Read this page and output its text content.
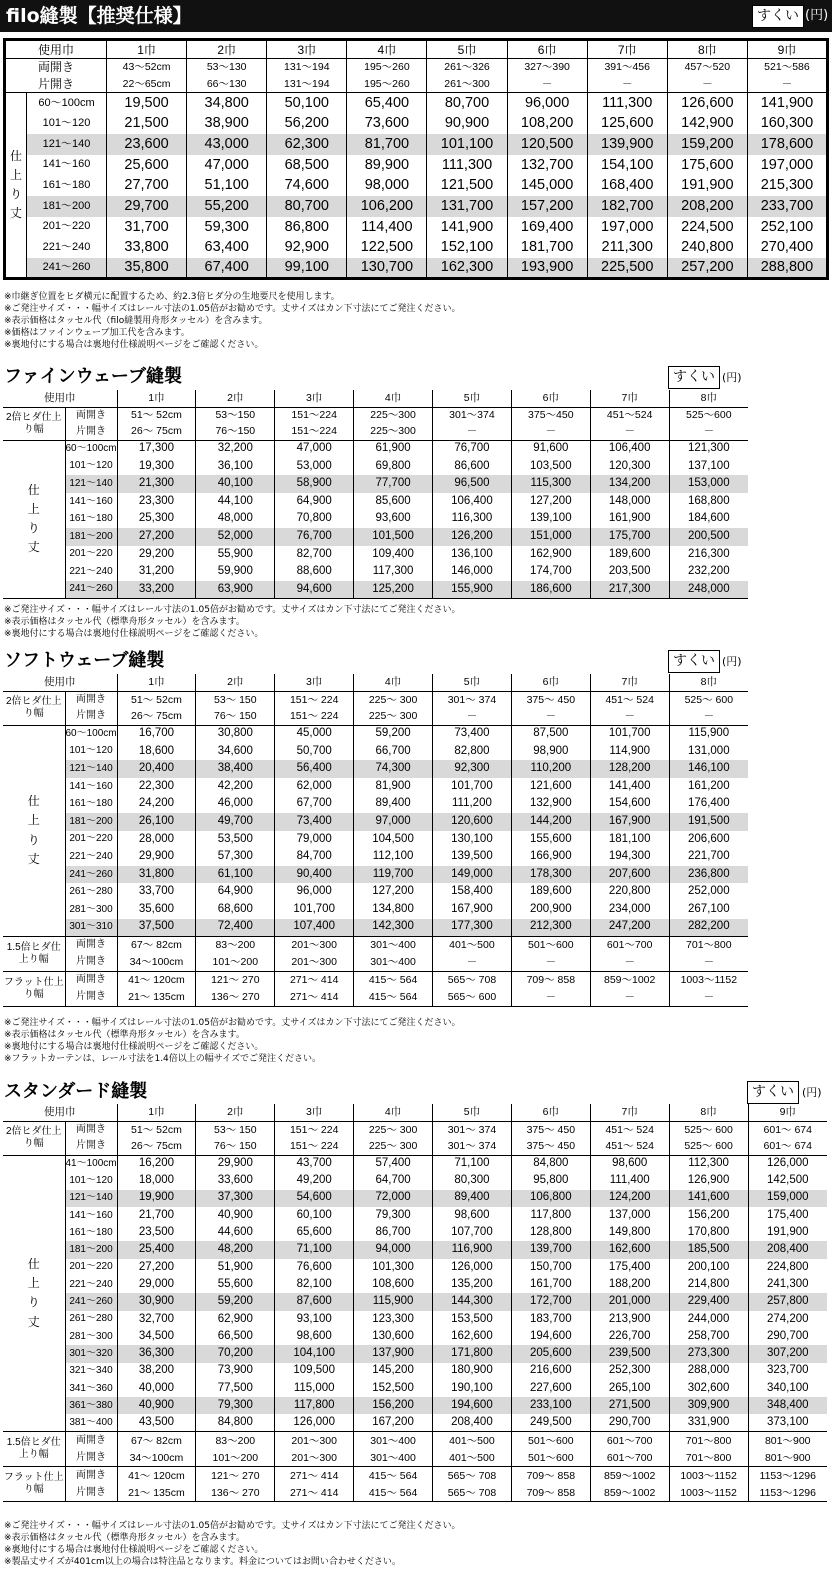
filo縫製【推奨仕様】	すくい (円)
使用巾		1巾	2巾	3巾	4巾	5巾	6巾	7巾	8巾	9巾
両開き		43～52cm	53～130	131～194	195～260	261～326	327～390	391～456	457～520	521～586
片開き		22～65cm	66～130	131～194	195～260	261～300	－	－	－	－

仕
上
り
丈	60～100cm	19,500	34,800	50,100	65,400	80,700	96,000	111,300	126,600	141,900
	101～120	21,500	38,900	56,200	73,600	90,900	108,200	125,600	142,900	160,300
	121～140	23,600	43,000	62,300	81,700	101,100	120,500	139,900	159,200	178,600
	141～160	25,600	47,000	68,500	89,900	111,300	132,700	154,100	175,600	197,000
	161～180	27,700	51,100	74,600	98,000	121,500	145,000	168,400	191,900	215,300
	181～200	29,700	55,200	80,700	106,200	131,700	157,200	182,700	208,200	233,700
	201～220	31,700	59,300	86,800	114,400	141,900	169,400	197,000	224,500	252,100
	221～240	33,800	63,400	92,900	122,500	152,100	181,700	211,300	240,800	270,400
	241～260	35,800	67,400	99,100	130,700	162,300	193,900	225,500	257,200	288,800
※巾継ぎ位置をヒダ横元に配置するため、約2.3倍ヒダ分の生地要尺を使用します。
※ご発注サイズ・・・幅サイズはレール寸法の1.05倍がお勧めです。丈サイズはカン下寸法にてご発注ください。
※表示価格はタッセル代（filo縫製用舟形タッセル）を含みます。
※価格はファインウェーブ加工代を含みます。
※裏地付にする場合は裏地付仕様説明ページをご確認ください。
ファインウェーブ縫製	すくい (円)
使用巾		1巾	2巾	3巾	4巾	5巾	6巾	7巾	8巾
2倍ヒダ仕上り幅	両開き	51～ 52cm	53～150	151～224	225～300	301～374	375～450	451～524	525～600
	片開き	26～ 75cm	76～150	151～224	225～300	－	－	－	－

仕
上
り
丈	60～100cm	17,300	32,200	47,000	61,900	76,700	91,600	106,400	121,300
	101～120	19,300	36,100	53,000	69,800	86,600	103,500	120,300	137,100
	121～140	21,300	40,100	58,900	77,700	96,500	115,300	134,200	153,000
	141～160	23,300	44,100	64,900	85,600	106,400	127,200	148,000	168,800
	161～180	25,300	48,000	70,800	93,600	116,300	139,100	161,900	184,600
	181～200	27,200	52,000	76,700	101,500	126,200	151,000	175,700	200,500
	201～220	29,200	55,900	82,700	109,400	136,100	162,900	189,600	216,300
	221～240	31,200	59,900	88,600	117,300	146,000	174,700	203,500	232,200
	241～260	33,200	63,900	94,600	125,200	155,900	186,600	217,300	248,000
※ご発注サイズ・・・幅サイズはレール寸法の1.05倍がお勧めです。丈サイズはカン下寸法にてご発注ください。
※表示価格はタッセル代（標準舟形タッセル）を含みます。
※裏地付にする場合は裏地付仕様説明ページをご確認ください。
ソフトウェーブ縫製	すくい (円)
使用巾		1巾	2巾	3巾	4巾	5巾	6巾	7巾	8巾
2倍ヒダ仕上り幅	両開き	51～ 52cm	53～ 150	151～ 224	225～ 300	301～ 374	375～ 450	451～ 524	525～ 600
	片開き	26～ 75cm	76～ 150	151～ 224	225～ 300	－	－	－	－

仕
上
り
丈	60～100cm	16,700	30,800	45,000	59,200	73,400	87,500	101,700	115,900
	101～120	18,600	34,600	50,700	66,700	82,800	98,900	114,900	131,000
	121～140	20,400	38,400	56,400	74,300	92,300	110,200	128,200	146,100
	141～160	22,300	42,200	62,000	81,900	101,700	121,600	141,400	161,200
	161～180	24,200	46,000	67,700	89,400	111,200	132,900	154,600	176,400
	181～200	26,100	49,700	73,400	97,000	120,600	144,200	167,900	191,500
	201～220	28,000	53,500	79,000	104,500	130,100	155,600	181,100	206,600
	221～240	29,900	57,300	84,700	112,100	139,500	166,900	194,300	221,700
	241～260	31,800	61,100	90,400	119,700	149,000	178,300	207,600	236,800
	261～280	33,700	64,900	96,000	127,200	158,400	189,600	220,800	252,000
	281～300	35,600	68,600	101,700	134,800	167,900	200,900	234,000	267,100
	301～310	37,500	72,400	107,400	142,300	177,300	212,300	247,200	282,200
1.5倍ヒダ仕上り幅	両開き	67～ 82cm	83～200	201～300	301～400	401～500	501～600	601～700	701～800
	片開き	34～100cm	101～200	201～300	301～400	－	－	－	－
フラット仕上り幅	両開き	41～ 120cm	121～ 270	271～ 414	415～ 564	565～ 708	709～ 858	859～1002	1003～1152
	片開き	21～ 135cm	136～ 270	271～ 414	415～ 564	565～ 600	－	－	－
※ご発注サイズ・・・幅サイズはレール寸法の1.05倍がお勧めです。丈サイズはカン下寸法にてご発注ください。
※表示価格はタッセル代（標準舟形タッセル）を含みます。
※裏地付にする場合は裏地付仕様説明ページをご確認ください。
※フラットカーテンは、レール寸法を1.4倍以上の幅サイズでご発注ください。
スタンダード縫製	すくい (円)
使用巾		1巾	2巾	3巾	4巾	5巾	6巾	7巾	8巾	9巾
2倍ヒダ仕上り幅	両開き	51～ 52cm	53～ 150	151～ 224	225～ 300	301～ 374	375～ 450	451～ 524	525～ 600	601～ 674
	片開き	26～ 75cm	76～ 150	151～ 224	225～ 300	301～ 374	375～ 450	451～ 524	525～ 600	601～ 674

仕
上
り
丈	41～100cm	16,200	29,900	43,700	57,400	71,100	84,800	98,600	112,300	126,000
	101～120	18,000	33,600	49,200	64,700	80,300	95,800	111,400	126,900	142,500
	121～140	19,900	37,300	54,600	72,000	89,400	106,800	124,200	141,600	159,000
	141～160	21,700	40,900	60,100	79,300	98,600	117,800	137,000	156,200	175,400
	161～180	23,500	44,600	65,600	86,700	107,700	128,800	149,800	170,800	191,900
	181～200	25,400	48,200	71,100	94,000	116,900	139,700	162,600	185,500	208,400
	201～220	27,200	51,900	76,600	101,300	126,000	150,700	175,400	200,100	224,800
	221～240	29,000	55,600	82,100	108,600	135,200	161,700	188,200	214,800	241,300
	241～260	30,900	59,200	87,600	115,900	144,300	172,700	201,000	229,400	257,800
	261～280	32,700	62,900	93,100	123,300	153,500	183,700	213,900	244,000	274,200
	281～300	34,500	66,500	98,600	130,600	162,600	194,600	226,700	258,700	290,700
	301～320	36,300	70,200	104,100	137,900	171,800	205,600	239,500	273,300	307,200
	321～340	38,200	73,900	109,500	145,200	180,900	216,600	252,300	288,000	323,700
	341～360	40,000	77,500	115,000	152,500	190,100	227,600	265,100	302,600	340,100
	361～380	40,900	79,300	117,800	156,200	194,600	233,100	271,500	309,900	348,400
	381～400	43,500	84,800	126,000	167,200	208,400	249,500	290,700	331,900	373,100
1.5倍ヒダ仕上り幅	両開き	67～ 82cm	83～200	201～300	301～400	401～500	501～600	601～700	701～800	801～900
	片開き	34～100cm	101～200	201～300	301～400	401～500	501～600	601～700	701～800	801～900
フラット仕上り幅	両開き	41～ 120cm	121～ 270	271～ 414	415～ 564	565～ 708	709～ 858	859～1002	1003～1152	1153～1296
	片開き	21～ 135cm	136～ 270	271～ 414	415～ 564	565～ 708	709～ 858	859～1002	1003～1152	1153～1296
※ご発注サイズ・・・幅サイズはレール寸法の1.05倍がお勧めです。丈サイズはカン下寸法にてご発注ください。
※表示価格はタッセル代（標準舟形タッセル）を含みます。
※裏地付にする場合は裏地付仕様説明ページをご確認ください。
※製品丈サイズが401cm以上の場合は特注品となります。料金についてはお問い合わせください。
